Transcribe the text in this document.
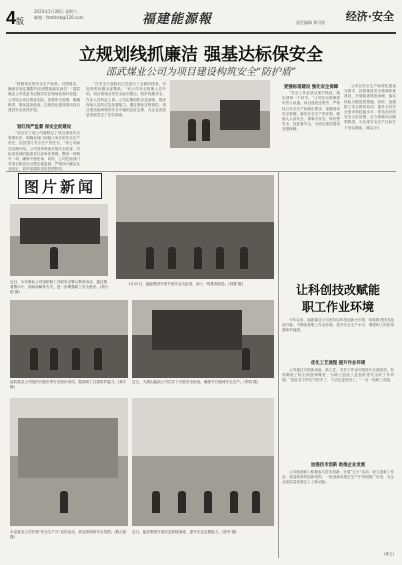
4版
2023年1月28日 星期六
邮箱：fzmthsb@126.com	福建能源報	责任编辑 黄可欣 经济·安全
立规划线抓廉洁 强基达标保安全
邵武煤业公司为项目建设构筑安全“防护盾”

“按照项目的安全生产标准，对照要求，确保在规定期限内完成整改落实到位！”邵武煤业公司党委书记陈学东在现场检查时说道。公司结合项目推进实际，加强安全管理，明确职责，强化监督检查，以规范化建设推动项目建设安全高效开展。

划红线严监督 保安全促建设

“项目开工前公司就制定了项目建设安全管理办法，明确各部门和施工单位的安全生产责任，层层签订安全生产责任书。”该公司副总经理介绍。公司坚持每周开展安全检查，对检查发现的隐患实行清单化管理，整改一项销号一项，确保不留死角。同时，公司纪检部门对项目建设全过程实施监督，严格执行廉洁从业规定，筑牢拒腐防变的思想防线。

“在安全方面我们已经进行了全面的排查，对发现的问题全部整改。”该公司安全管理人员介绍。项目现场各类安全标识醒目，防护设施齐全，作业人员持证上岗。公司定期组织应急演练，提高现场人员的应急处置能力。通过强化过程管控，项目建设始终保持安全平稳的良好态势，为企业高质量发展奠定了坚实基础。

更强标准建设 强化安全保障

“安全工作必须从细节抓起，落实到每一个环节。”公司安全管理部负责人说道。项目建设过程中，严格执行安全生产标准化要求，加强现场安全管理，落实安全生产责任制，做到人人讲安全、事事为安全、时时想安全、处处要安全，为项目建设提供坚强保障。

公司以安全生产标准化建设为抓手，持续推进安全管理体系建设，开展隐患排查治理，落实风险分级管控措施。同时，加强职工安全教育培训，提升全员安全意识和技能水平，营造良好的安全文化氛围，全力保障项目顺利推进，为实现安全生产目标打下坚实基础。(陈志平)

图片新闻
1月12日，福能集团开展节前安全大检查，深入一线排查隐患。(林强 摄)
近日，永安煤业公司组织职工开展安全警示教育活动，通过观看警示片、现场讲解等方式，进一步增强职工安全意识。(郑小明 摄)
邵武煤业公司组织开展冬季安全知识培训，提高职工自我防护能力。(黄宇 摄)
近日，天湖山能源公司在井下开展安全检查，确保节日期间安全生产。(李明 摄)
永定煤业公司开展“安全生产月”宣传活动，营造浓厚的安全氛围。(陈立新 摄)
近日，能化集团开展应急救援演练，提升应急处置能力。(张华 摄)
让科创技改赋能
职工作业环境

今年以来，福建煤业公司坚持以科技创新为引领，持续推进技术改造升级，不断改善职工作业环境，提升安全生产水平，增强职工的获得感和幸福感。

优化工艺流程 提升作业环境

公司通过引进新设备、新工艺，对井下作业环境进行全面改造，有效降低了粉尘浓度和噪音，为职工创造了更加舒适安全的工作环境。“现在井下的空气好多了，干活也更有劲了。”一名一线职工说道。

加强技术创新 助推企业发展

公司鼓励职工积极参与技术创新，开展“五小”活动，设立创新工作室，营造浓厚的创新氛围，一批创新成果在生产中得到推广应用，为企业高质量发展注入了新动能。

(林立)
